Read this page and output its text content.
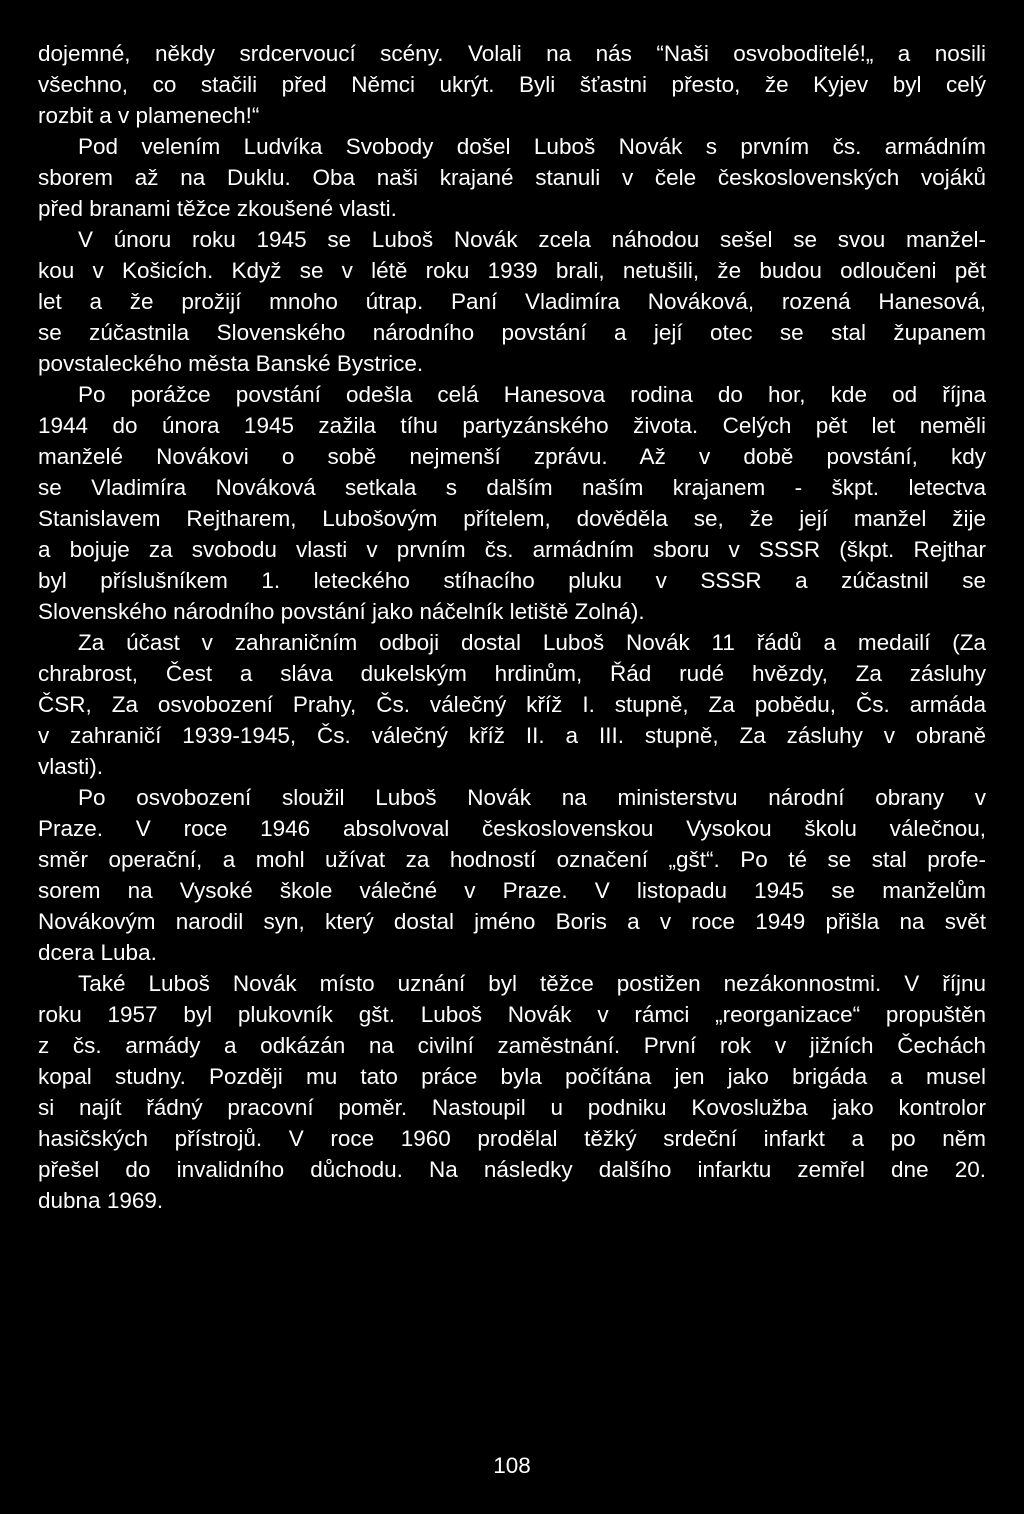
dojemné, někdy srdcervoucí scény. Volali na nás “Naši osvoboditelé!„ a nosili
všechno, co stačili před Němci ukrýt. Byli šťastni přesto, že Kyjev byl celý
rozbit a v plamenech!“
Pod velením Ludvíka Svobody došel Luboš Novák s prvním čs. armádním
sborem až na Duklu. Oba naši krajané stanuli v čele československých vojáků
před branami těžce zkoušené vlasti.
V únoru roku 1945 se Luboš Novák zcela náhodou sešel se svou manžel-
kou v Košicích. Když se v létě roku 1939 brali, netušili, že budou odloučeni pět
let a že prožijí mnoho útrap. Paní Vladimíra Nováková, rozená Hanesová,
se zúčastnila Slovenského národního povstání a její otec se stal županem
povstaleckého města Banské Bystrice.
Po porážce povstání odešla celá Hanesova rodina do hor, kde od října
1944 do února 1945 zažila tíhu partyzánského života. Celých pět let neměli
manželé Novákovi o sobě nejmenší zprávu. Až v době povstání, kdy
se Vladimíra Nováková setkala s dalším naším krajanem - škpt. letectva
Stanislavem Rejtharem, Lubošovým přítelem, dověděla se, že její manžel žije
a bojuje za svobodu vlasti v prvním čs. armádním sboru v SSSR (škpt. Rejthar
byl příslušníkem 1. leteckého stíhacího pluku v SSSR a zúčastnil se
Slovenského národního povstání jako náčelník letiště Zolná).
Za účast v zahraničním odboji dostal Luboš Novák 11 řádů a medailí (Za
chrabrost, Čest a sláva dukelským hrdinům, Řád rudé hvězdy, Za zásluhy
ČSR, Za osvobození Prahy, Čs. válečný kříž I. stupně, Za pobědu, Čs. armáda
v zahraničí 1939-1945, Čs. válečný kříž II. a III. stupně, Za zásluhy v obraně
vlasti).
Po osvobození sloužil Luboš Novák na ministerstvu národní obrany v
Praze. V roce 1946 absolvoval československou Vysokou školu válečnou,
směr operační, a mohl užívat za hodností označení „gšt“. Po té se stal profe-
sorem na Vysoké škole válečné v Praze. V listopadu 1945 se manželům
Novákovým narodil syn, který dostal jméno Boris a v roce 1949 přišla na svět
dcera Luba.
Také Luboš Novák místo uznání byl těžce postižen nezákonnostmi. V říjnu
roku 1957 byl plukovník gšt. Luboš Novák v rámci „reorganizace“ propuštěn
z čs. armády a odkázán na civilní zaměstnání. První rok v jižních Čechách
kopal studny. Později mu tato práce byla počítána jen jako brigáda a musel
si najít řádný pracovní poměr. Nastoupil u podniku Kovoslužba jako kontrolor
hasičských přístrojů. V roce 1960 prodělal těžký srdeční infarkt a po něm
přešel do invalidního důchodu. Na následky dalšího infarktu zemřel dne 20.
dubna 1969.
108
